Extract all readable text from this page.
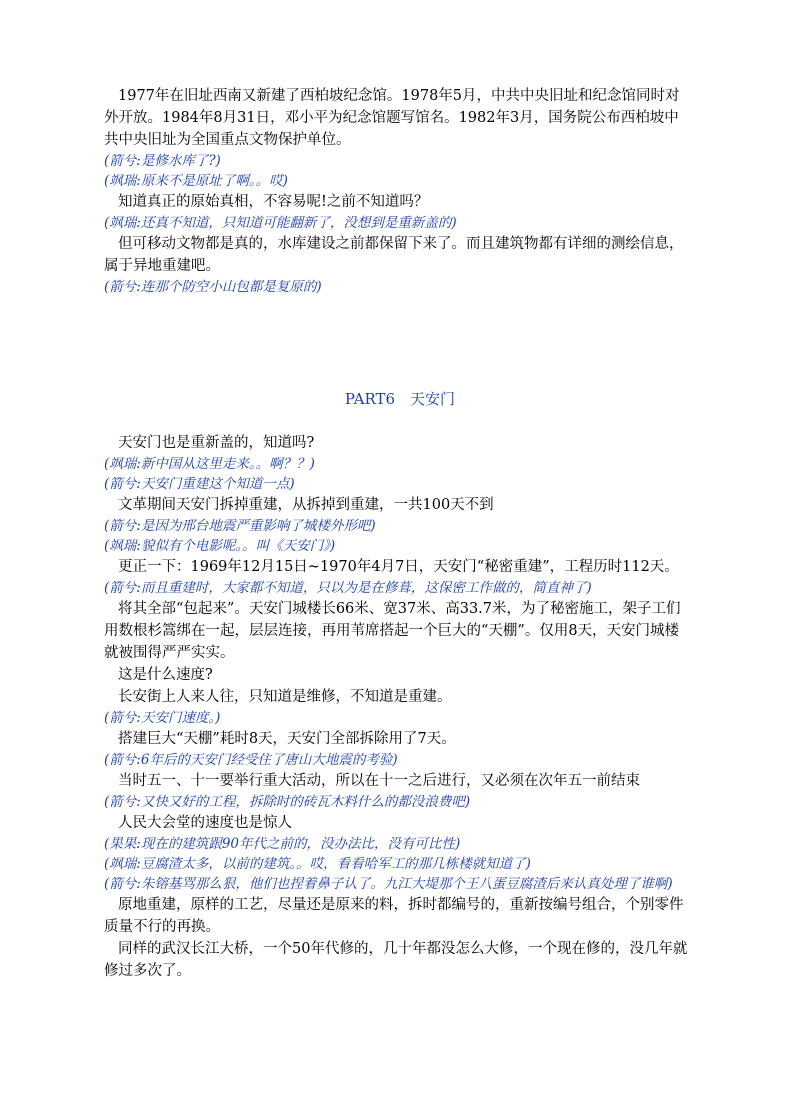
1977年在旧址西南又新建了西柏坡纪念馆。1978年5月，中共中央旧址和纪念馆同时对外开放。1984年8月31日，邓小平为纪念馆题写馆名。1982年3月，国务院公布西柏坡中共中央旧址为全国重点文物保护单位。

(箭兮:是修水库了?)

(飒瑞:原来不是原址了啊。。哎)

知道真正的原始真相，不容易呢!之前不知道吗？

(飒瑞:还真不知道，只知道可能翻新了，没想到是重新盖的)

但可移动文物都是真的，水库建设之前都保留下来了。而且建筑物都有详细的测绘信息，属于异地重建吧。

(箭兮:连那个防空小山包都是复原的)

PART6　天安门

天安门也是重新盖的，知道吗?

(飒瑞:新中国从这里走来。。啊？？)

(箭兮:天安门重建这个知道一点)

文革期间天安门拆掉重建，从拆掉到重建，一共100天不到

(箭兮:是因为邢台地震严重影响了城楼外形吧)

(飒瑞:貌似有个电影呢。。叫《天安门》)

更正一下：1969年12月15日~1970年4月7日，天安门“秘密重建”，工程历时112天。

(箭兮:而且重建时，大家都不知道，只以为是在修葺，这保密工作做的，简直神了)

将其全部“包起来”。天安门城楼长66米、宽37米、高33.7米，为了秘密施工，架子工们用数根杉篙绑在一起，层层连接，再用苇席搭起一个巨大的“天棚”。仅用8天，天安门城楼就被围得严严实实。

这是什么速度?

长安街上人来人往，只知道是维修，不知道是重建。

(箭兮:天安门速度。)

搭建巨大“天棚”耗时8天，天安门全部拆除用了7天。

(箭兮:6年后的天安门经受住了唐山大地震的考验)

当时五一、十一要举行重大活动，所以在十一之后进行，又必须在次年五一前结束

(箭兮:又快又好的工程，拆除时的砖瓦木料什么的都没浪费吧)

人民大会堂的速度也是惊人

(果果:现在的建筑跟90年代之前的，没办法比，没有可比性)

(飒瑞:豆腐渣太多，以前的建筑。。哎，看看哈军工的那几栋楼就知道了)

(箭兮:朱镕基骂那么狠，他们也捏着鼻子认了。九江大堤那个王八蛋豆腐渣后来认真处理了谁啊)

原地重建，原样的工艺，尽量还是原来的料，拆时都编号的，重新按编号组合，个别零件质量不行的再换。

同样的武汉长江大桥，一个50年代修的，几十年都没怎么大修，一个现在修的，没几年就修过多次了。
